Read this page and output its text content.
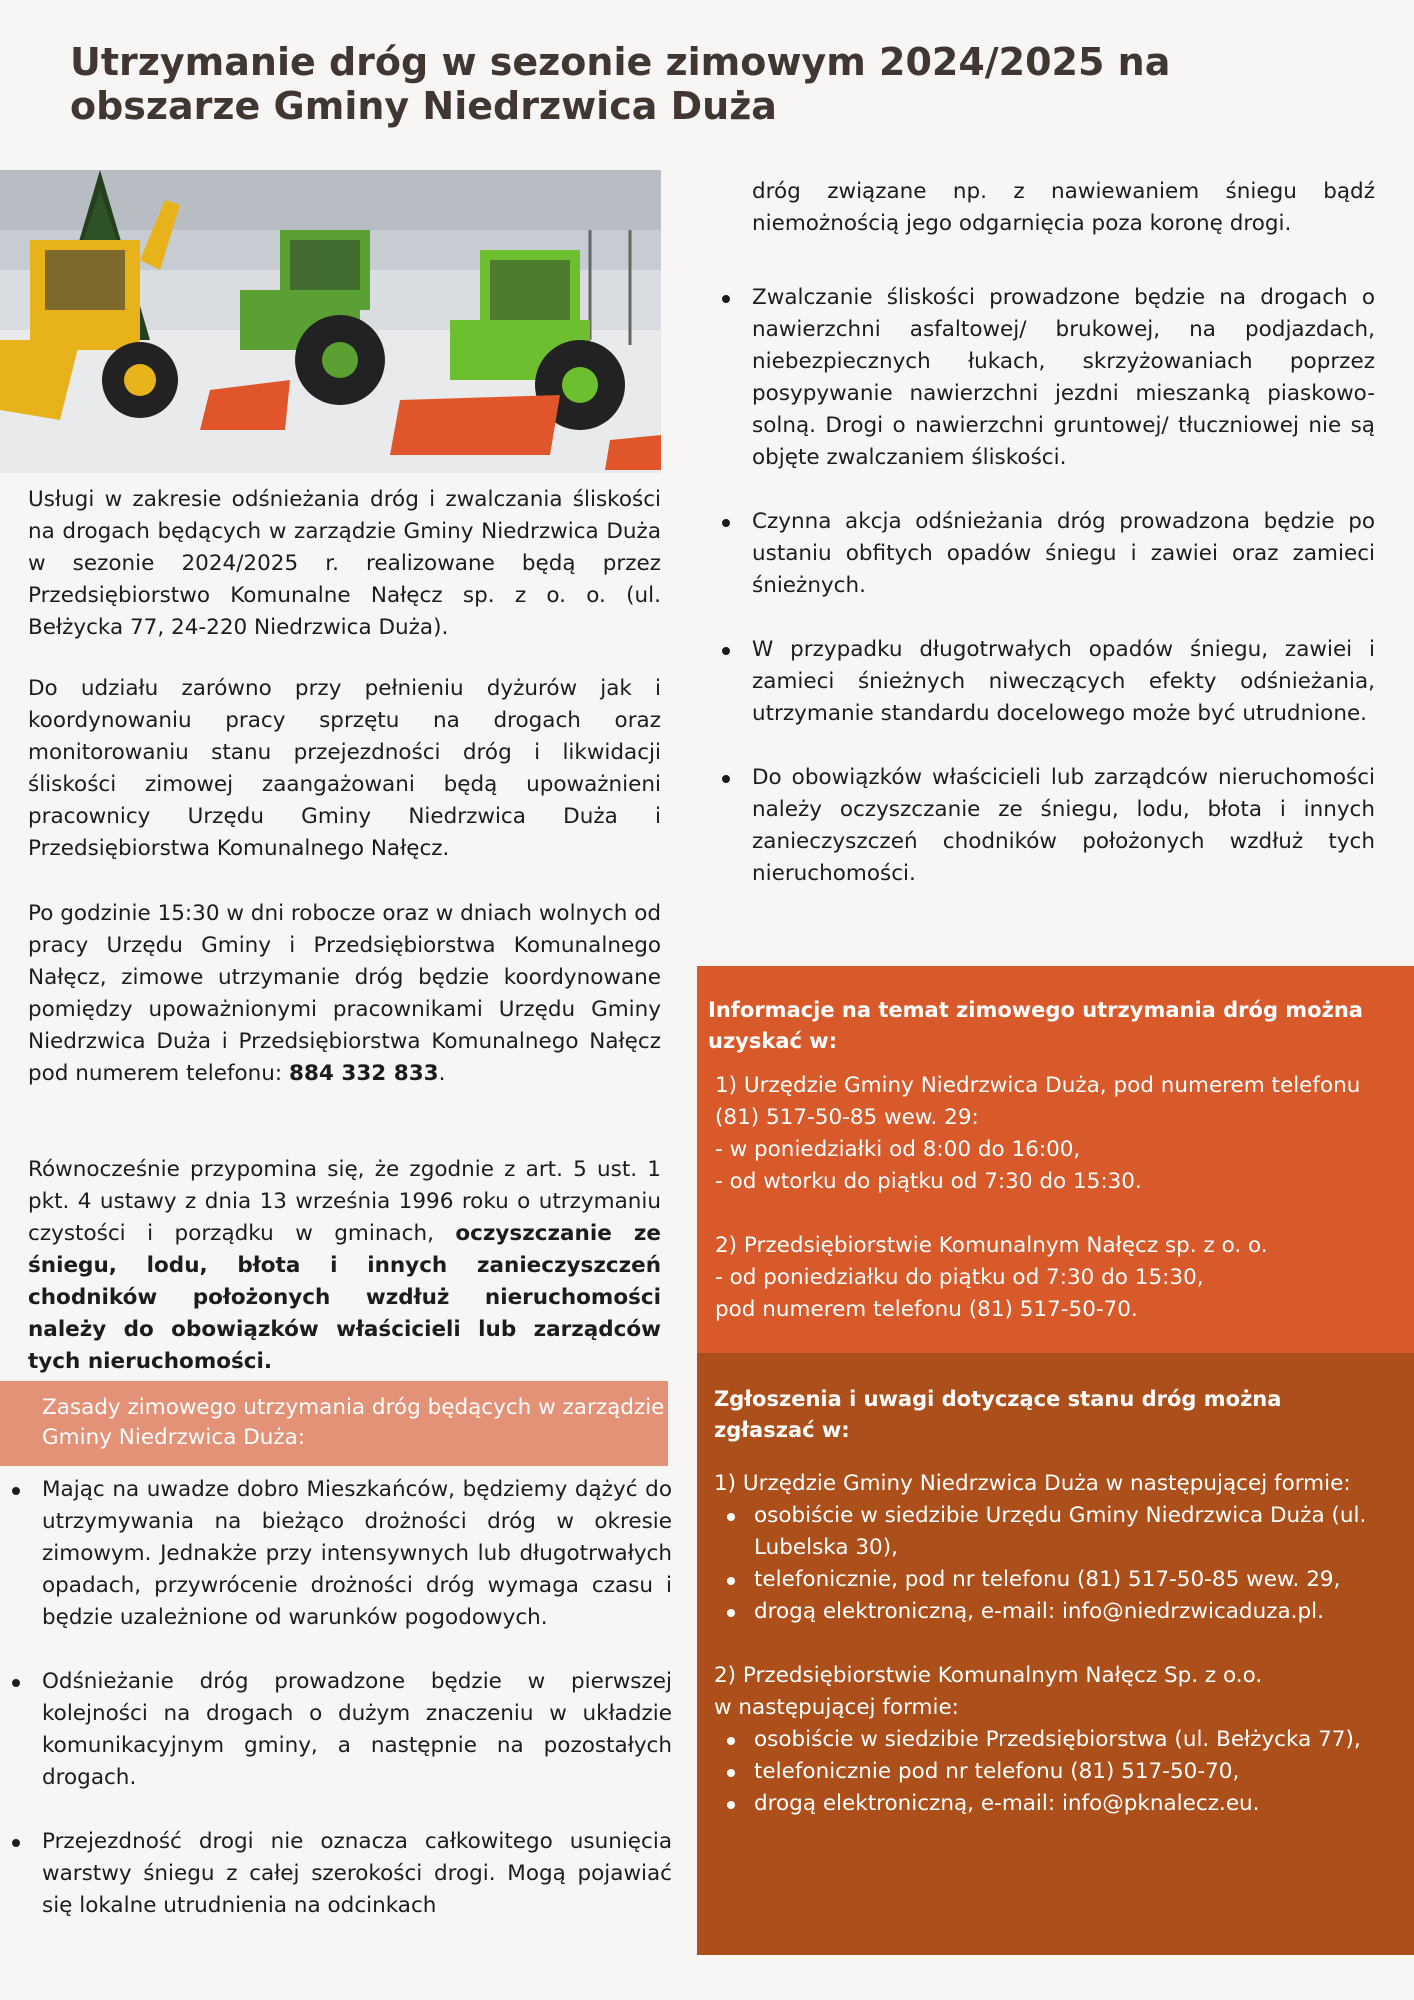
Utrzymanie dróg w sezonie zimowym 2024/2025 na obszarze Gminy Niedrzwica Duża

Usługi w zakresie odśnieżania dróg i zwalczania śliskości na drogach będących w zarządzie Gminy Niedrzwica Duża w sezonie 2024/2025 r. realizowane będą przez Przedsiębiorstwo Komunalne Nałęcz sp. z o. o. (ul. Bełżycka 77, 24-220 Niedrzwica Duża).

Do udziału zarówno przy pełnieniu dyżurów jak i koordynowaniu pracy sprzętu na drogach oraz monitorowaniu stanu przejezdności dróg i likwidacji śliskości zimowej zaangażowani będą upoważnieni pracownicy Urzędu Gminy Niedrzwica Duża i Przedsiębiorstwa Komunalnego Nałęcz.

Po godzinie 15:30 w dni robocze oraz w dniach wolnych od pracy Urzędu Gminy i Przedsiębiorstwa Komunalnego Nałęcz, zimowe utrzymanie dróg będzie koordynowane pomiędzy upoważnionymi pracownikami Urzędu Gminy Niedrzwica Duża i Przedsiębiorstwa Komunalnego Nałęcz pod numerem telefonu: 884 332 833.

Równocześnie przypomina się, że zgodnie z art. 5 ust. 1 pkt. 4 ustawy z dnia 13 września 1996 roku o utrzymaniu czystości i porządku w gminach, oczyszczanie ze śniegu, lodu, błota i innych zanieczyszczeń chodników położonych wzdłuż nieruchomości należy do obowiązków właścicieli lub zarządców tych nieruchomości.

Zasady zimowego utrzymania dróg będących w zarządzie Gminy Niedrzwica Duża:
Mając na uwadze dobro Mieszkańców, będziemy dążyć do utrzymywania na bieżąco drożności dróg w okresie zimowym. Jednakże przy intensywnych lub długotrwałych opadach, przywrócenie drożności dróg wymaga czasu i będzie uzależnione od warunków pogodowych.
Odśnieżanie dróg prowadzone będzie w pierwszej kolejności na drogach o dużym znaczeniu w układzie komunikacyjnym gminy, a następnie na pozostałych drogach.
Przejezdność drogi nie oznacza całkowitego usunięcia warstwy śniegu z całej szerokości drogi. Mogą pojawiać się lokalne utrudnienia na odcinkach

dróg związane np. z nawiewaniem śniegu bądź niemożnością jego odgarnięcia poza koronę drogi.

Zwalczanie śliskości prowadzone będzie na drogach o nawierzchni asfaltowej/ brukowej, na podjazdach, niebezpiecznych łukach, skrzyżowaniach poprzez posypywanie nawierzchni jezdni mieszanką piaskowo-solną. Drogi o nawierzchni gruntowej/ tłuczniowej nie są objęte zwalczaniem śliskości.
Czynna akcja odśnieżania dróg prowadzona będzie po ustaniu obfitych opadów śniegu i zawiei oraz zamieci śnieżnych.
W przypadku długotrwałych opadów śniegu, zawiei i zamieci śnieżnych niweczących efekty odśnieżania, utrzymanie standardu docelowego może być utrudnione.
Do obowiązków właścicieli lub zarządców nieruchomości należy oczyszczanie ze śniegu, lodu, błota i innych zanieczyszczeń chodników położonych wzdłuż tych nieruchomości.
Informacje na temat zimowego utrzymania dróg można uzyskać w:

1) Urzędzie Gminy Niedrzwica Duża, pod numerem telefonu (81) 517-50-85 wew. 29:

- w poniedziałki od 8:00 do 16:00,

- od wtorku do piątku od 7:30 do 15:30.

2) Przedsiębiorstwie Komunalnym Nałęcz sp. z o. o.

- od poniedziałku do piątku od 7:30 do 15:30,

pod numerem telefonu (81) 517-50-70.

Zgłoszenia i uwagi dotyczące stanu dróg można zgłaszać w:

1) Urzędzie Gminy Niedrzwica Duża w następującej formie:

osobiście w siedzibie Urzędu Gminy Niedrzwica Duża (ul. Lubelska 30),
telefonicznie, pod nr telefonu (81) 517-50-85 wew. 29,
drogą elektroniczną, e-mail: info@niedrzwicaduza.pl.

2) Przedsiębiorstwie Komunalnym Nałęcz Sp. z o.o.

w następującej formie:

osobiście w siedzibie Przedsiębiorstwa (ul. Bełżycka 77),
telefonicznie pod nr telefonu (81) 517-50-70,
drogą elektroniczną, e-mail: info@pknalecz.eu.
